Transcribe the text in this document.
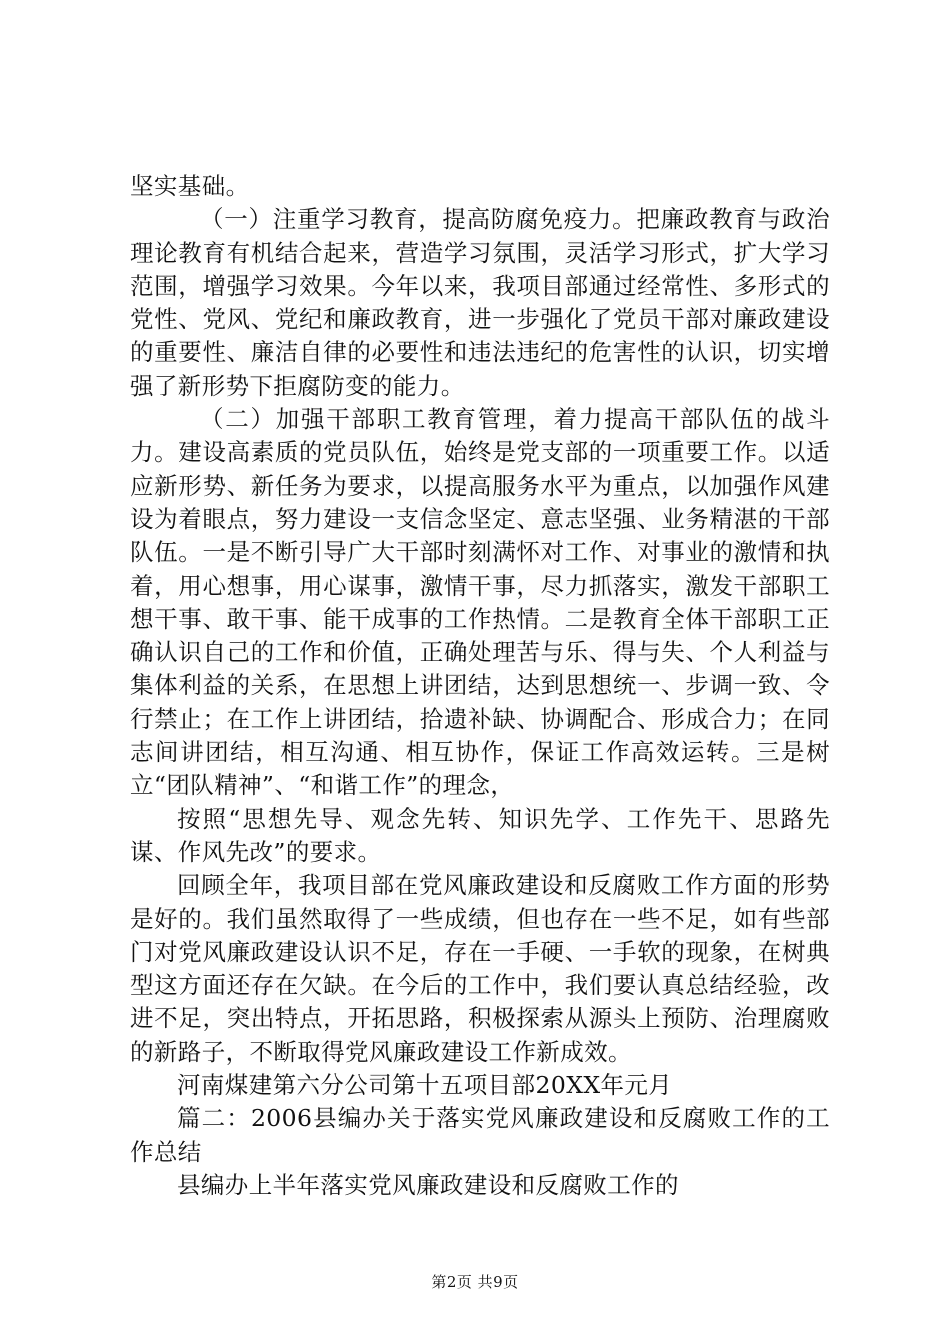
坚实基础。

（一）注重学习教育，提高防腐免疫力。把廉政教育与政治理论教育有机结合起来，营造学习氛围，灵活学习形式，扩大学习范围，增强学习效果。今年以来，我项目部通过经常性、多形式的党性、党风、党纪和廉政教育，进一步强化了党员干部对廉政建设的重要性、廉洁自律的必要性和违法违纪的危害性的认识，切实增强了新形势下拒腐防变的能力。

（二）加强干部职工教育管理，着力提高干部队伍的战斗力。建设高素质的党员队伍，始终是党支部的一项重要工作。以适应新形势、新任务为要求，以提高服务水平为重点，以加强作风建设为着眼点，努力建设一支信念坚定、意志坚强、业务精湛的干部队伍。一是不断引导广大干部时刻满怀对工作、对事业的激情和执着，用心想事，用心谋事，激情干事，尽力抓落实，激发干部职工想干事、敢干事、能干成事的工作热情。二是教育全体干部职工正确认识自己的工作和价值，正确处理苦与乐、得与失、个人利益与集体利益的关系，在思想上讲团结，达到思想统一、步调一致、令行禁止；在工作上讲团结，拾遗补缺、协调配合、形成合力；在同志间讲团结，相互沟通、相互协作，保证工作高效运转。三是树立“团队精神”、“和谐工作”的理念，

按照“思想先导、观念先转、知识先学、工作先干、思路先谋、作风先改”的要求。

回顾全年，我项目部在党风廉政建设和反腐败工作方面的形势是好的。我们虽然取得了一些成绩，但也存在一些不足，如有些部门对党风廉政建设认识不足，存在一手硬、一手软的现象，在树典型这方面还存在欠缺。在今后的工作中，我们要认真总结经验，改进不足，突出特点，开拓思路，积极探索从源头上预防、治理腐败的新路子，不断取得党风廉政建设工作新成效。

河南煤建第六分公司第十五项目部20XX年元月

篇二：2006县编办关于落实党风廉政建设和反腐败工作的工作总结

县编办上半年落实党风廉政建设和反腐败工作的

第2页 共9页
